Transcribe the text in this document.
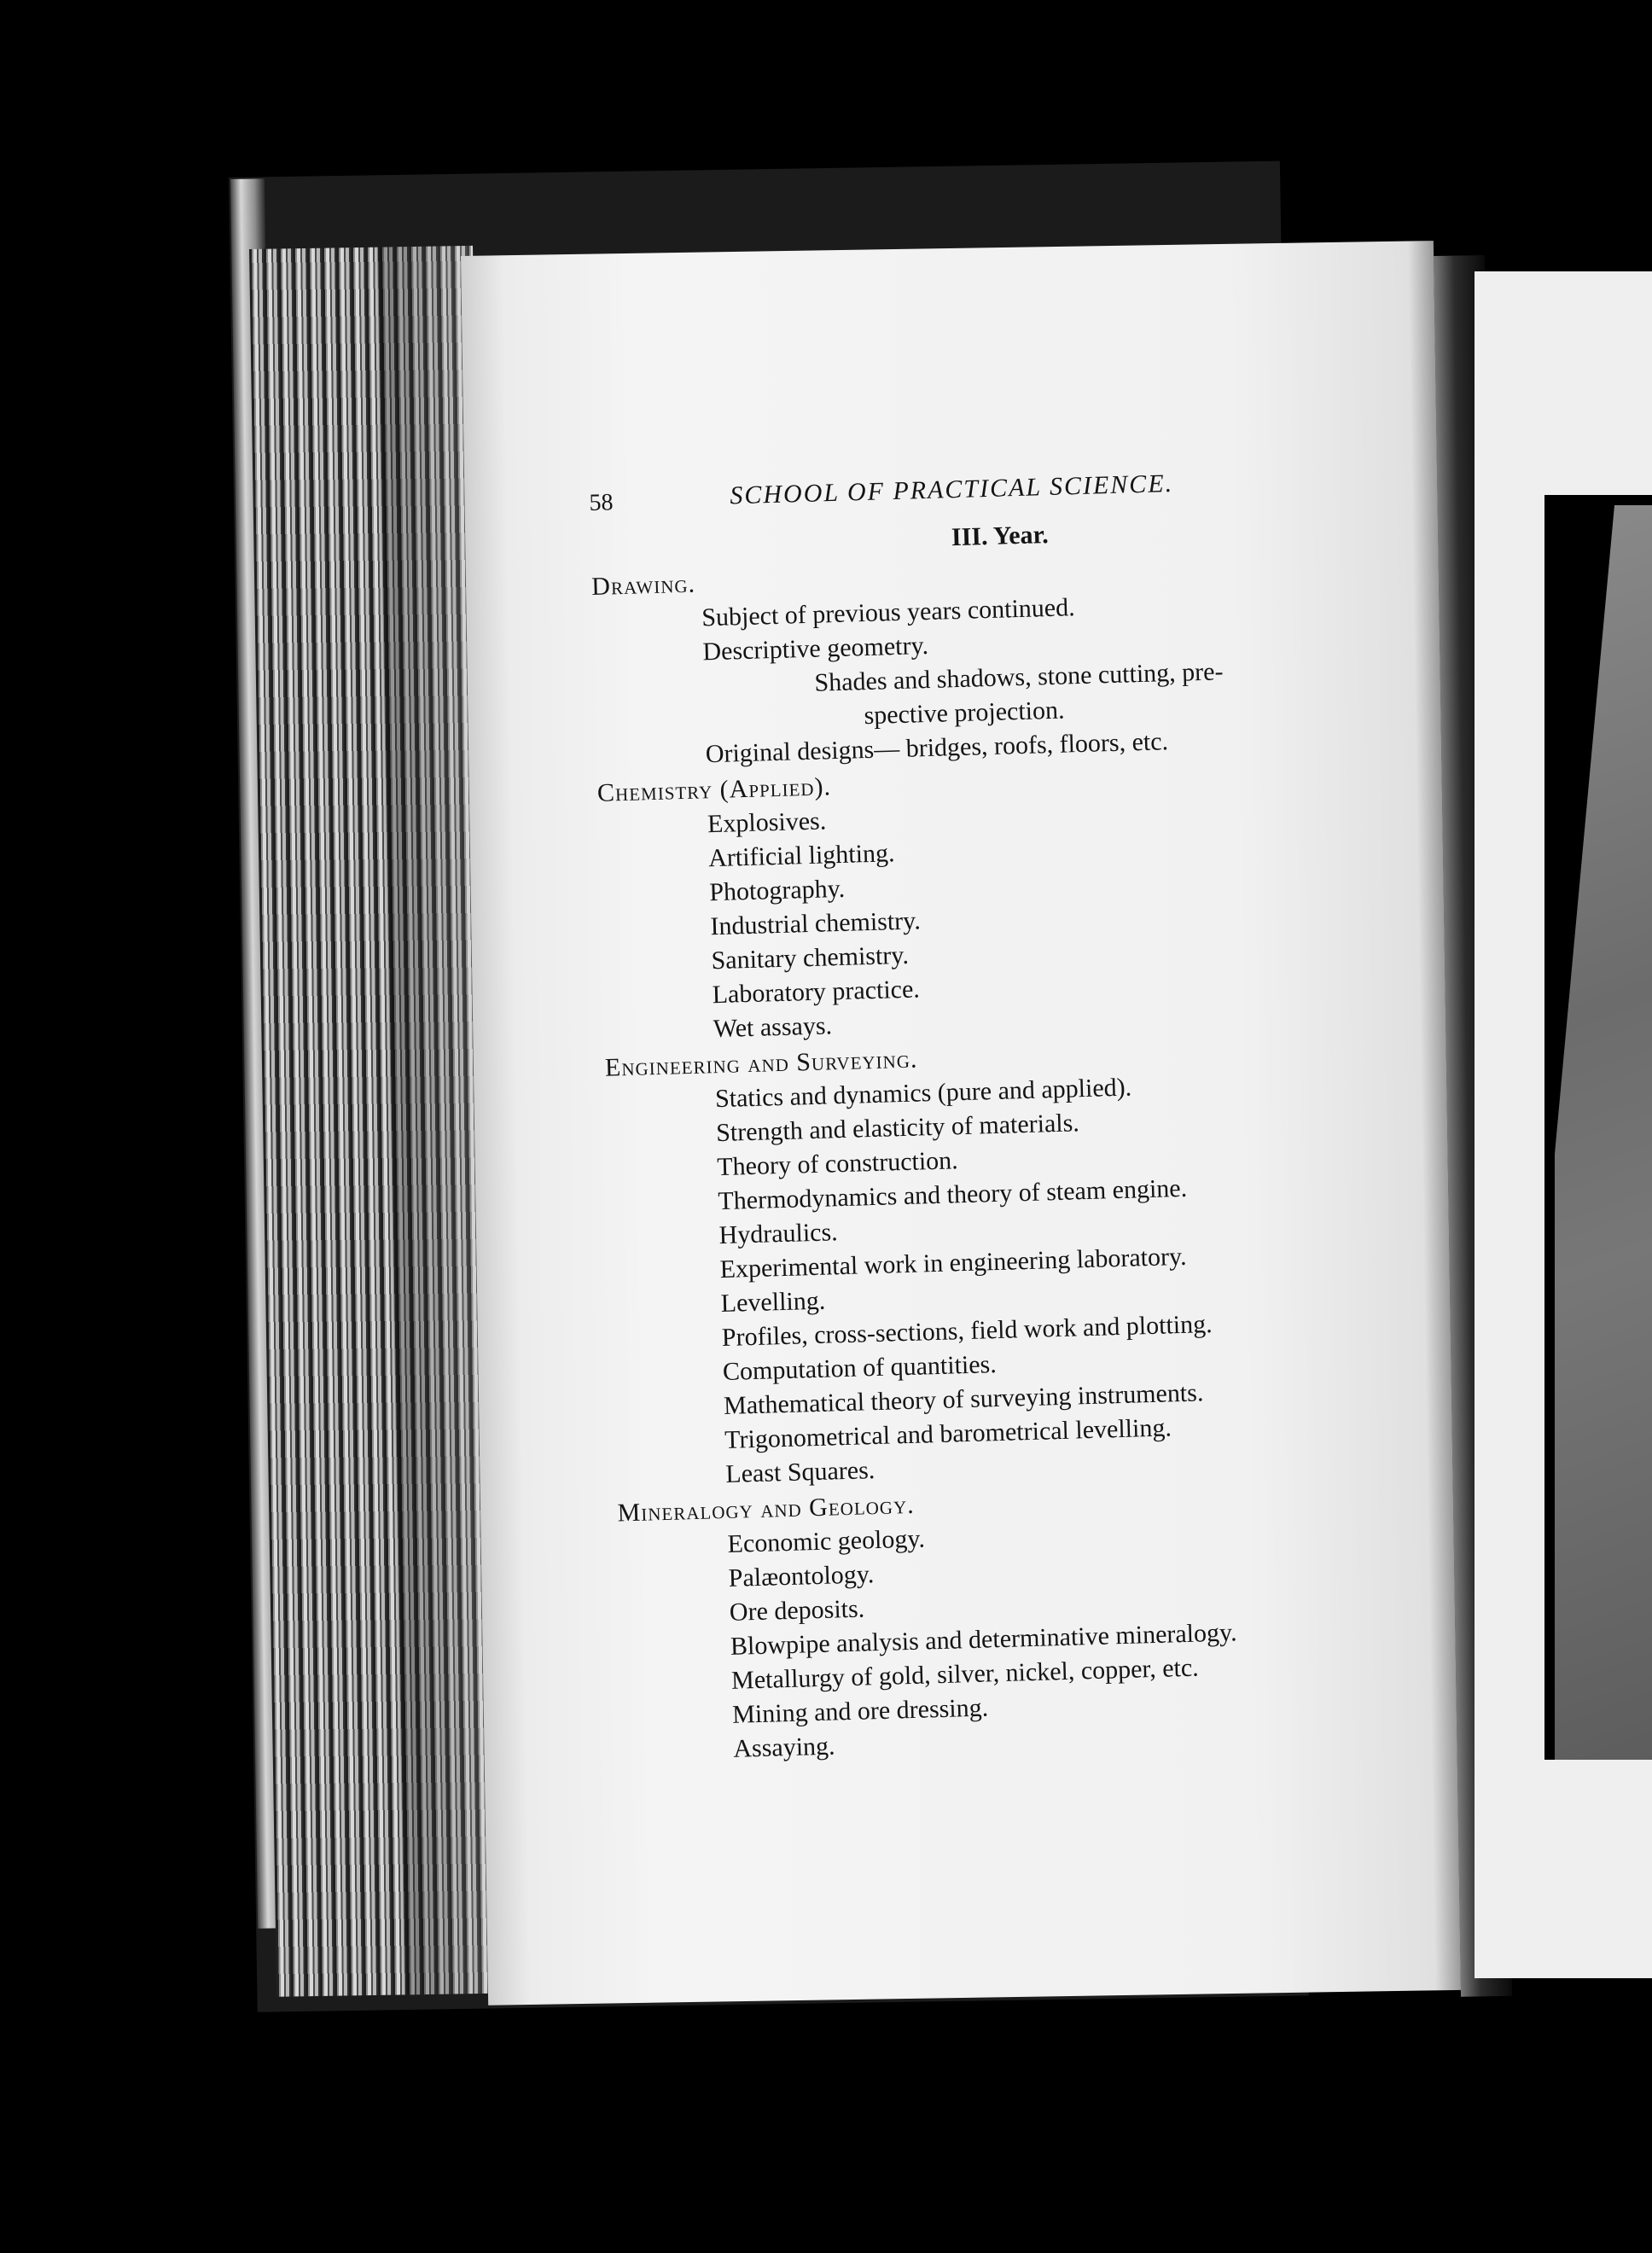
58	SCHOOL OF PRACTICAL SCIENCE.
III. Year.
Drawing.
Subject of previous years continued.
Descriptive geometry.
Shades and shadows, stone cutting, pre-
spective projection.
Original designs— bridges, roofs, floors, etc.
Chemistry (Applied).
Explosives.
Artificial lighting.
Photography.
Industrial chemistry.
Sanitary chemistry.
Laboratory practice.
Wet assays.
Engineering and Surveying.
Statics and dynamics (pure and applied).
Strength and elasticity of materials.
Theory of construction.
Thermodynamics and theory of steam engine.
Hydraulics.
Experimental work in engineering laboratory.
Levelling.
Profiles, cross-sections, field work and plotting.
Computation of quantities.
Mathematical theory of surveying instruments.
Trigonometrical and barometrical levelling.
Least Squares.
Mineralogy and Geology.
Economic geology.
Palæontology.
Ore deposits.
Blowpipe analysis and determinative mineralogy.
Metallurgy of gold, silver, nickel, copper, etc.
Mining and ore dressing.
Assaying.
